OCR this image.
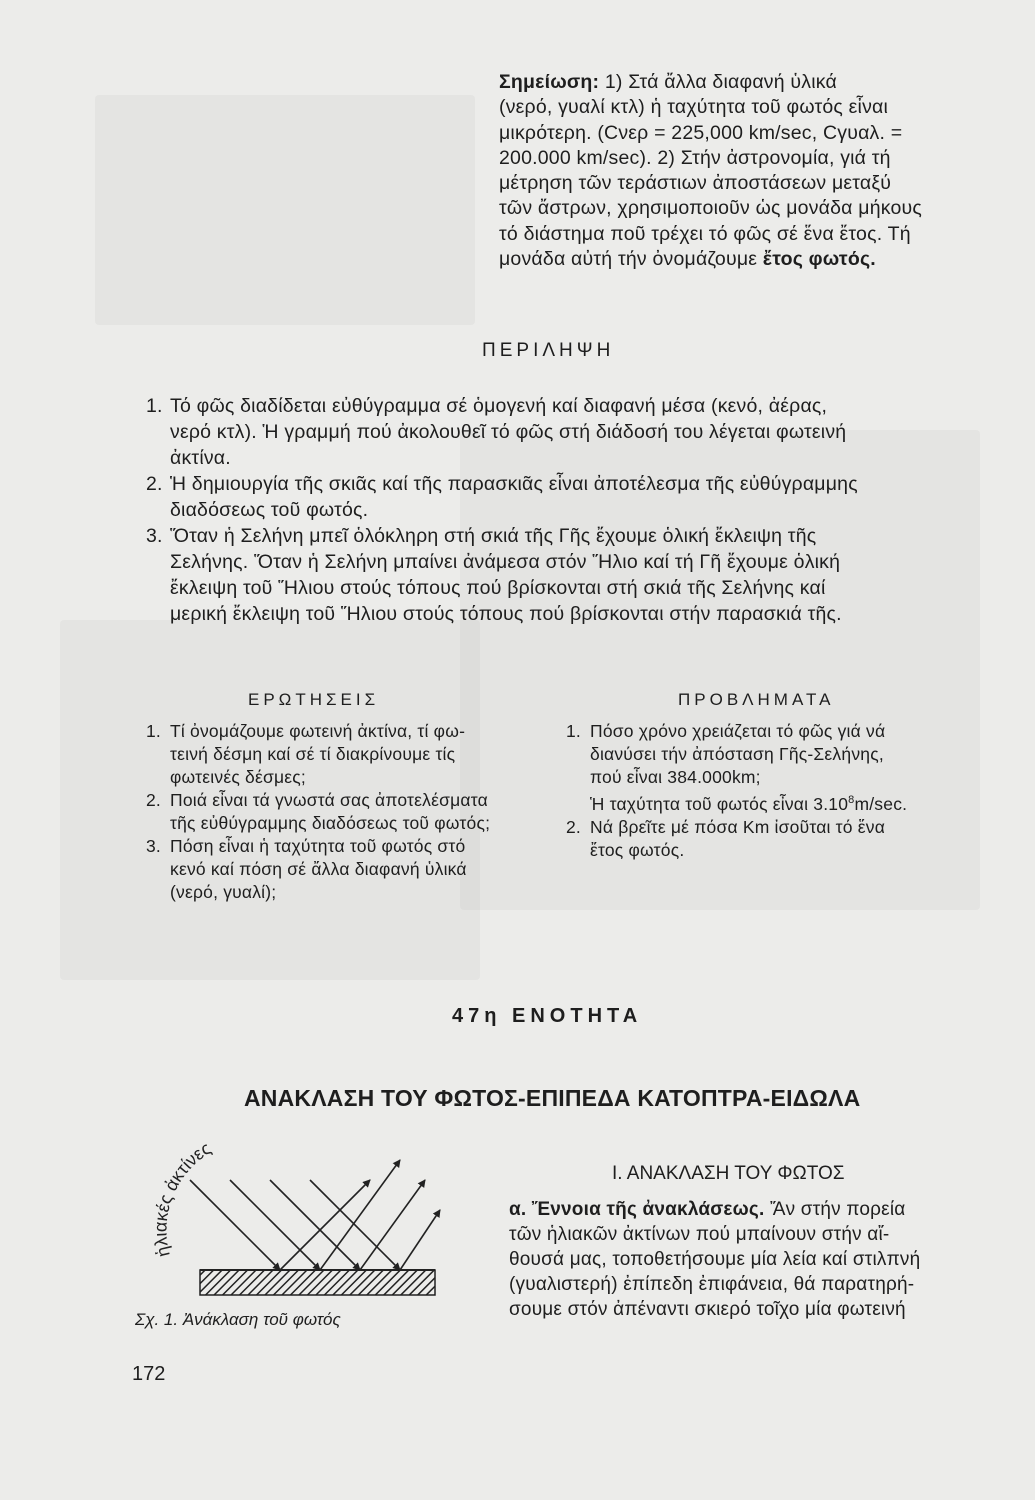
Σημείωση: 1) Στά ἄλλα διαφανή ὑλικά
(νερό, γυαλί κτλ) ἡ ταχύτητα τοῦ φωτός εἶναι
μικρότερη. (Cνερ = 225,000 km/sec, Cγυαλ. =
200.000 km/sec). 2) Στήν ἀστρονομία, γιά τή
μέτρηση τῶν τεράστιων ἀποστάσεων μεταξύ
τῶν ἄστρων, χρησιμοποιοῦν ὡς μονάδα μήκους
τό διάστημα ποῦ τρέχει τό φῶς σέ ἕνα ἔτος. Τή
μονάδα αὐτή τήν ὀνομάζουμε ἔτος φωτός.
ΠΕΡΙΛΗΨΗ
1. Τό φῶς διαδίδεται εὐθύγραμμα σέ ὁμογενή καί διαφανή μέσα (κενό, ἀέρας,
νερό κτλ). Ἡ γραμμή πού ἀκολουθεῖ τό φῶς στή διάδοσή του λέγεται φωτεινή
ἀκτίνα.
2. Ἡ δημιουργία τῆς σκιᾶς καί τῆς παρασκιᾶς εἶναι ἀποτέλεσμα τῆς εὐθύγραμμης
διαδόσεως τοῦ φωτός.
3. Ὅταν ἡ Σελήνη μπεῖ ὁλόκληρη στή σκιά τῆς Γῆς ἔχουμε ὁλική ἔκλειψη τῆς
Σελήνης. Ὅταν ἡ Σελήνη μπαίνει ἀνάμεσα στόν Ἥλιο καί τή Γῆ ἔχουμε ὁλική
ἔκλειψη τοῦ Ἥλιου στούς τόπους πού βρίσκονται στή σκιά τῆς Σελήνης καί
μερική ἔκλειψη τοῦ Ἥλιου στούς τόπους πού βρίσκονται στήν παρασκιά τῆς.
ΕΡΩΤΗΣΕΙΣ
1. Τί ὀνομάζουμε φωτεινή ἀκτίνα, τί φω-
τεινή δέσμη καί σέ τί διακρίνουμε τίς
φωτεινές δέσμες;
2. Ποιά εἶναι τά γνωστά σας ἀποτελέσματα
τῆς εὐθύγραμμης διαδόσεως τοῦ φωτός;
3. Πόση εἶναι ἡ ταχύτητα τοῦ φωτός στό
κενό καί πόση σέ ἄλλα διαφανή ὑλικά
(νερό, γυαλί);
ΠΡΟΒΛΗΜΑΤΑ
1. Πόσο χρόνο χρειάζεται τό φῶς γιά νά
διανύσει τήν ἀπόσταση Γῆς-Σελήνης,
πού εἶναι 384.000km;
Ἡ ταχύτητα τοῦ φωτός εἶναι 3.10$^8$m/sec.
2. Νά βρεῖτε μέ πόσα Km ἰσοῦται τό ἕνα
ἔτος φωτός.
47η ΕΝΟΤΗΤΑ
ΑΝΑΚΛΑΣΗ ΤΟΥ ΦΩΤΟΣ-ΕΠΙΠΕΔΑ ΚΑΤΟΠΤΡΑ-ΕΙΔΩΛΑ
ἡλιακές ἀκτίνες
Σχ. 1. Ἀνάκλαση τοῦ φωτός
Ι. ΑΝΑΚΛΑΣΗ ΤΟΥ ΦΩΤΟΣ
α. Ἔννοια τῆς ἀνακλάσεως. Ἄν στήν πορεία
τῶν ἡλιακῶν ἀκτίνων πού μπαίνουν στήν αἴ-
θουσά μας, τοποθετήσουμε μία λεία καί στιλπνή
(γυαλιστερή) ἐπίπεδη ἐπιφάνεια, θά παρατηρή-
σουμε στόν ἀπέναντι σκιερό τοῖχο μία φωτεινή
172
